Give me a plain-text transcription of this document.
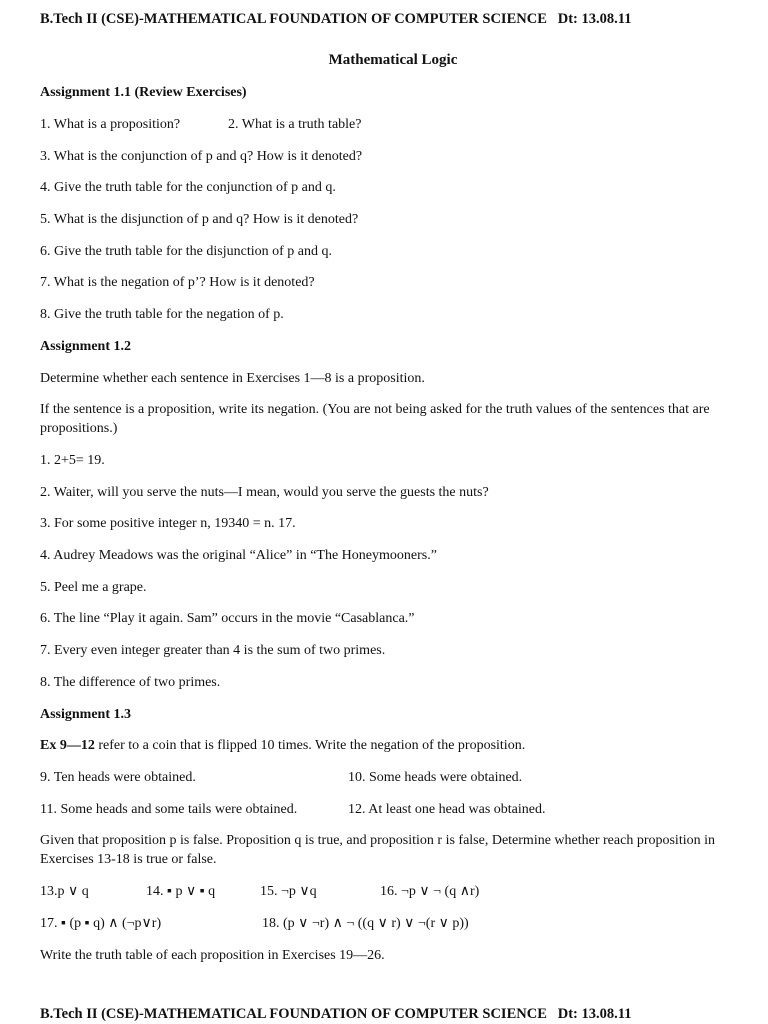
B.Tech II (CSE)-MATHEMATICAL FOUNDATION OF COMPUTER SCIENCE Dt: 13.08.11
Mathematical Logic
Assignment 1.1 (Review Exercises)
1. What is a proposition?	2. What is a truth table?
3. What is the conjunction of p and q? How is it denoted?
4. Give the truth table for the conjunction of p and q.
5. What is the disjunction of p and q? How is it denoted?
6. Give the truth table for the disjunction of p and q.
7. What is the negation of p’? How is it denoted?
8. Give the truth table for the negation of p.
Assignment 1.2
Determine whether each sentence in Exercises 1—8 is a proposition.
If the sentence is a proposition, write its negation. (You are not being asked for the truth values of the sentences that are propositions.)
1. 2+5= 19.
2. Waiter, will you serve the nuts—I mean, would you serve the guests the nuts?
3. For some positive integer n, 19340 = n. 17.
4. Audrey Meadows was the original “Alice” in “The Honeymooners.”
5. Peel me a grape.
6. The line “Play it again. Sam” occurs in the movie “Casablanca.”
7. Every even integer greater than 4 is the sum of two primes.
8. The difference of two primes.
Assignment 1.3
Ex 9—12 refer to a coin that is flipped 10 times. Write the negation of the proposition.
9. Ten heads were obtained.	10. Some heads were obtained.
11. Some heads and some tails were obtained.	12. At least one head was obtained.
Given that proposition p is false. Proposition q is true, and proposition r is false, Determine whether reach proposition in Exercises 13-18 is true or false.
13.p ∨ q	14. ▪ p ∨ ▪ q	15. ¬p ∨q	16. ¬p ∨ ¬ (q ∧r)
17. ▪ (p ▪ q) ∧ (¬p∨r)	18. (p ∨ ¬r) ∧ ¬ ((q ∨ r) ∨ ¬(r ∨ p))
Write the truth table of each proposition in Exercises 19—26.
B.Tech II (CSE)-MATHEMATICAL FOUNDATION OF COMPUTER SCIENCE Dt: 13.08.11
